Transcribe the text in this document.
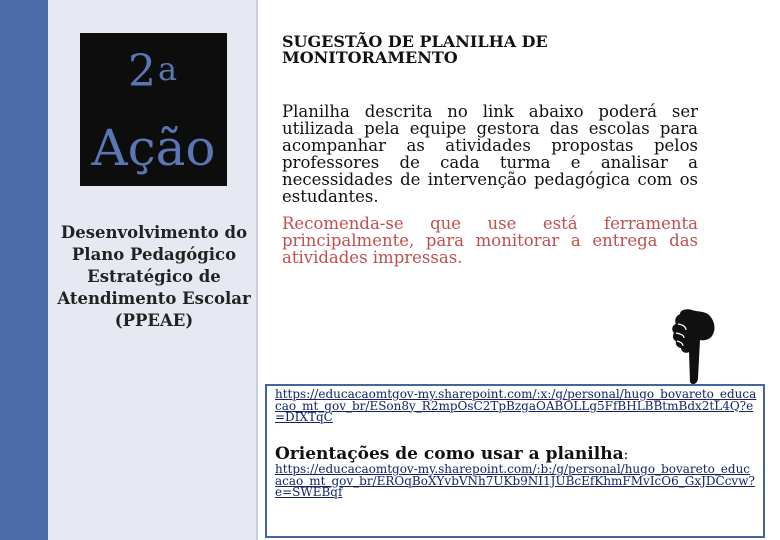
2$^a$
Ação
Desenvolvimento do Plano Pedagógico Estratégico de Atendimento Escolar (PPEAE)
SUGESTÃO DE PLANILHA DE MONITORAMENTO
Planilha descrita no link abaixo poderá ser utilizada pela equipe gestora das escolas para acompanhar as atividades propostas pelos professores de cada turma e analisar a necessidades de intervenção pedagógica com os estudantes.
Recomenda-se que use está ferramenta principalmente, para monitorar a entrega das atividades impressas.
https://educacaomtgov-my.sharepoint.com/:x:/g/personal/hugo_bovareto_educacao_mt_gov_br/ESon8y_R2mpOsC2TpBzgaOABOLLg5FfBHLBBtmBdx2tL4Q?e=DIXTqC
Orientações de como usar a planilha:
https://educacaomtgov-my.sharepoint.com/:b:/g/personal/hugo_bovareto_educacao_mt_gov_br/EROqBoXYvbVNh7UKb9NI1JUBcEfKhmFMvIcO6_GxJDCcvw?e=SWEBqf
